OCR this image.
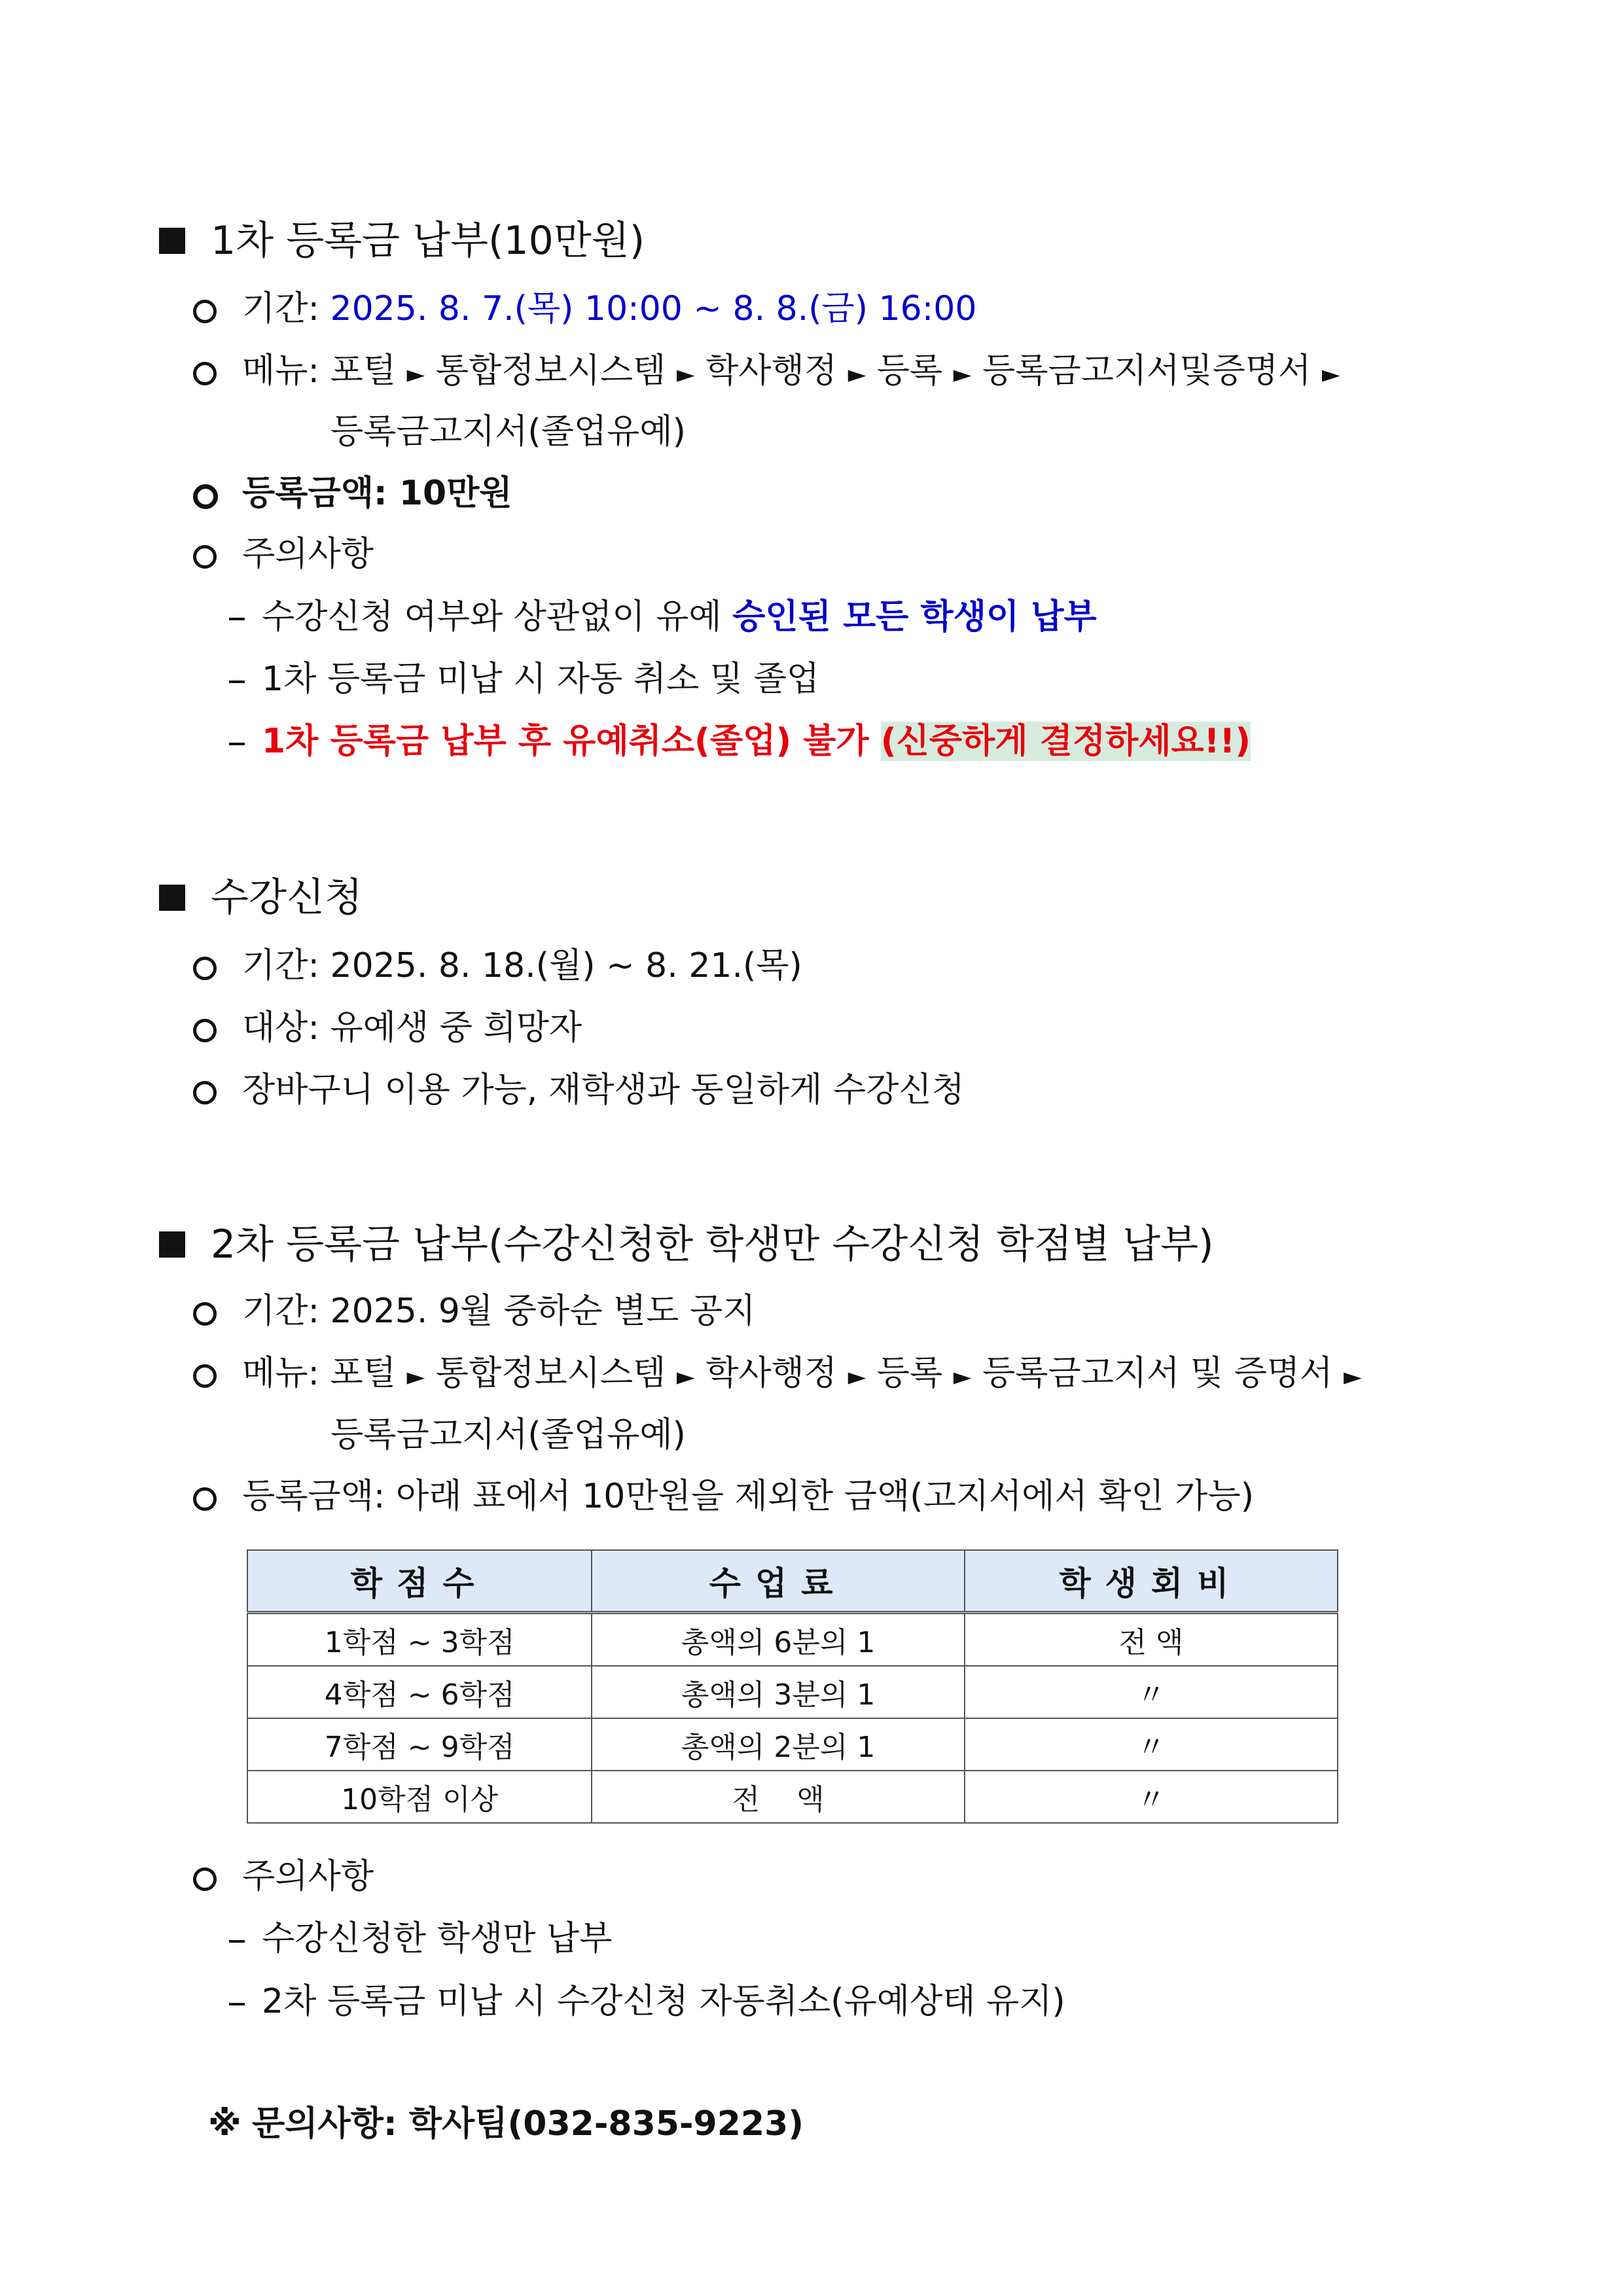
1차 등록금 납부(10만원)
기간: 2025. 8. 7.(목) 10:00 ~ 8. 8.(금) 16:00
메뉴: 포털 ► 통합정보시스템 ► 학사행정 ► 등록 ► 등록금고지서및증명서 ►
등록금고지서(졸업유예)
등록금액: 10만원
주의사항
수강신청 여부와 상관없이 유예 승인된 모든 학생이 납부
1차 등록금 미납 시 자동 취소 및 졸업
1차 등록금 납부 후 유예취소(졸업) 불가 (신중하게 결정하세요!!)
수강신청
기간: 2025. 8. 18.(월) ~ 8. 21.(목)
대상: 유예생 중 희망자
장바구니 이용 가능, 재학생과 동일하게 수강신청
2차 등록금 납부(수강신청한 학생만 수강신청 학점별 납부)
기간: 2025. 9월 중하순 별도 공지
메뉴: 포털 ► 통합정보시스템 ► 학사행정 ► 등록 ► 등록금고지서 및 증명서 ►
등록금고지서(졸업유예)
등록금액: 아래 표에서 10만원을 제외한 금액(고지서에서 확인 가능)
학점수	수업료	학생회비
1학점 ~ 3학점	총액의 6분의 1	전 액
4학점 ~ 6학점	총액의 3분의 1	〃
7학점 ~ 9학점	총액의 2분의 1	〃
10학점 이상	전    액	〃
주의사항
수강신청한 학생만 납부
2차 등록금 미납 시 수강신청 자동취소(유예상태 유지)
※ 문의사항: 학사팀(032-835-9223)
